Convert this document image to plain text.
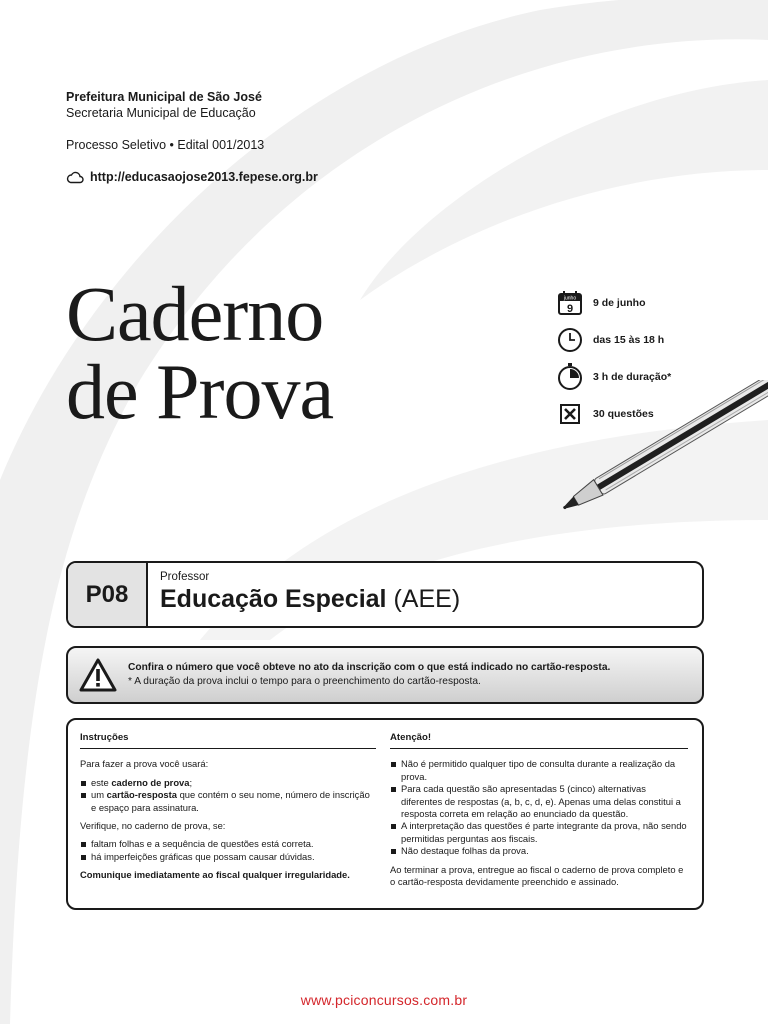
Prefeitura Municipal de São José
Secretaria Municipal de Educação
Processo Seletivo • Edital 001/2013
http://educasaojose2013.fepese.org.br
Caderno
de Prova
junho
9 9 de junho
das 15 às 18 h
3 h de duração*
30 questões
P08
Professor
Educação Especial (AEE)
Confira o número que você obteve no ato da inscrição com o que está indicado no cartão-resposta.
* A duração da prova inclui o tempo para o preenchimento do cartão-resposta.
Instruções

Para fazer a prova você usará:

este caderno de prova;
um cartão-resposta que contém o seu nome, número de inscrição e espaço para assinatura.

Verifique, no caderno de prova, se:

faltam folhas e a sequência de questões está correta.
há imperfeições gráficas que possam causar dúvidas.

Comunique imediatamente ao fiscal qualquer irregularidade.

Atenção!
Não é permitido qualquer tipo de consulta durante a realização da prova.
Para cada questão são apresentadas 5 (cinco) alternativas diferentes de respostas (a, b, c, d, e). Apenas uma delas constitui a resposta correta em relação ao enunciado da questão.
A interpretação das questões é parte integrante da prova, não sendo permitidas perguntas aos fiscais.
Não destaque folhas da prova.

Ao terminar a prova, entregue ao fiscal o caderno de prova completo e o cartão-resposta devidamente preenchido e assinado.

www.pciconcursos.com.br
